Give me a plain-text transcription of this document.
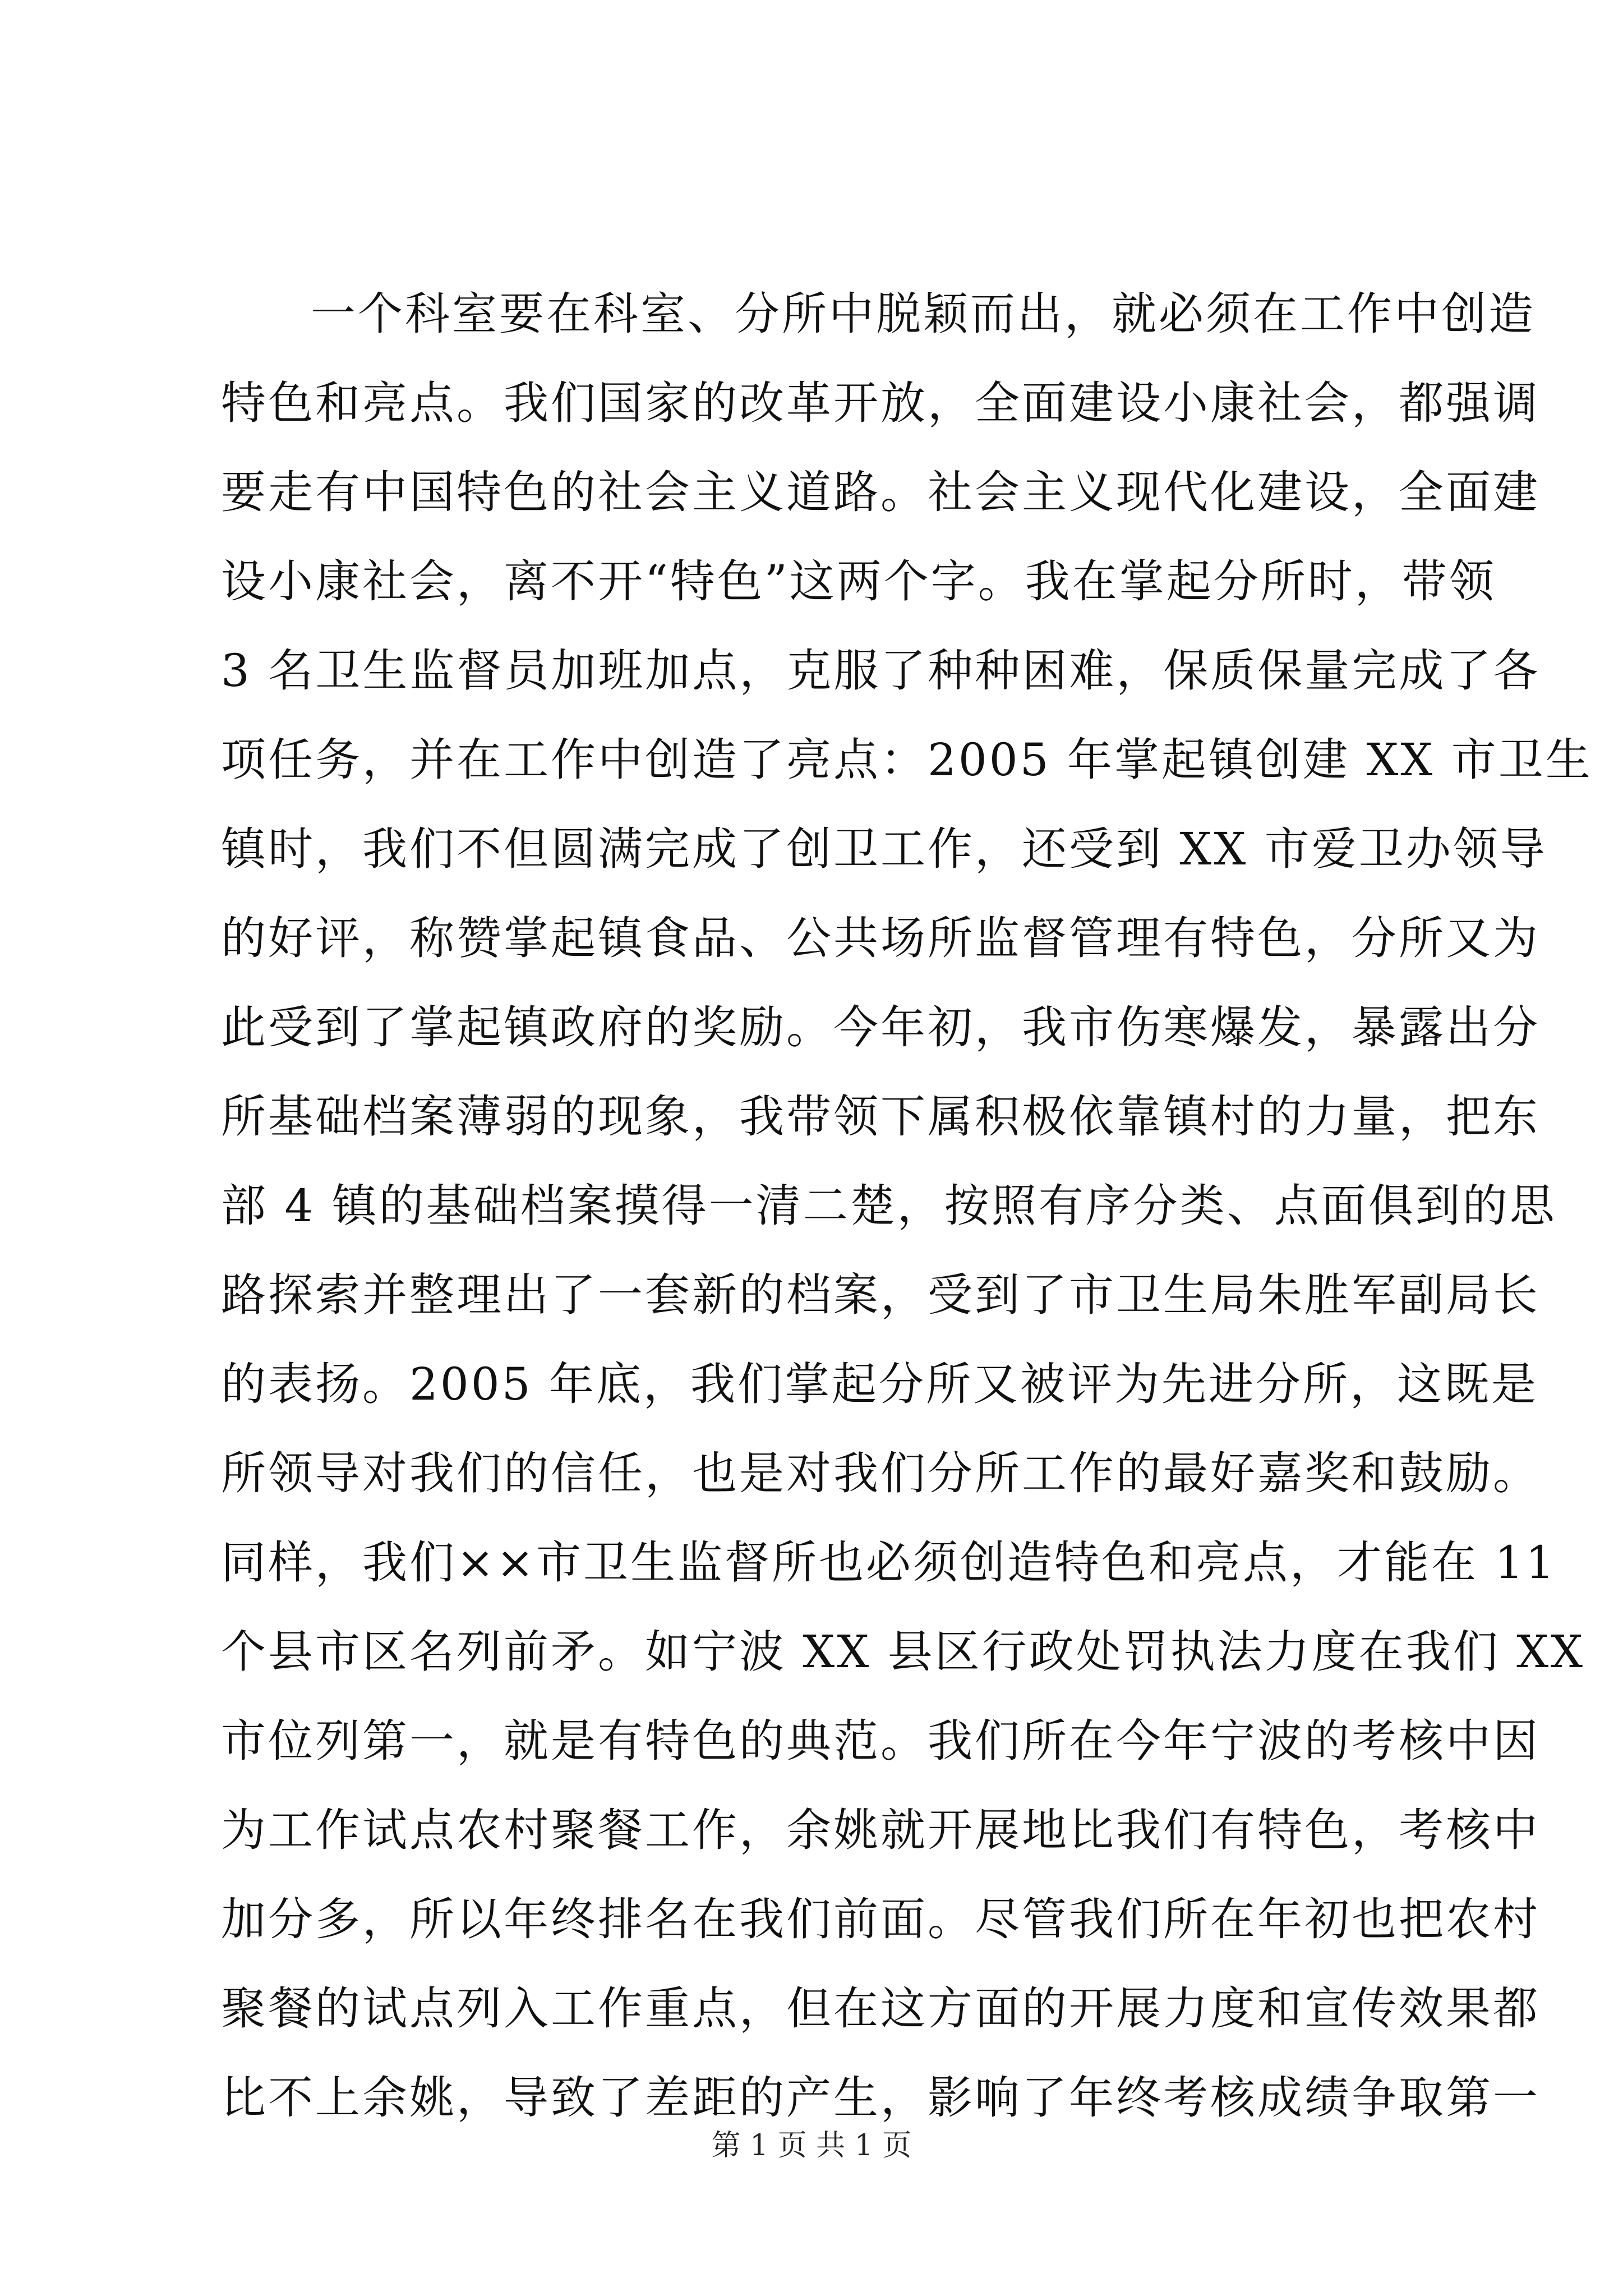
一个科室要在科室、分所中脱颖而出，就必须在工作中创造
特色和亮点。我们国家的改革开放，全面建设小康社会，都强调
要走有中国特色的社会主义道路。社会主义现代化建设，全面建
设小康社会，离不开“特色”这两个字。我在掌起分所时，带领
3 名卫生监督员加班加点，克服了种种困难，保质保量完成了各
项任务，并在工作中创造了亮点：2005 年掌起镇创建 XX 市卫生
镇时，我们不但圆满完成了创卫工作，还受到 XX 市爱卫办领导
的好评，称赞掌起镇食品、公共场所监督管理有特色，分所又为
此受到了掌起镇政府的奖励。今年初，我市伤寒爆发，暴露出分
所基础档案薄弱的现象，我带领下属积极依靠镇村的力量，把东
部 4 镇的基础档案摸得一清二楚，按照有序分类、点面俱到的思
路探索并整理出了一套新的档案，受到了市卫生局朱胜军副局长
的表扬。2005 年底，我们掌起分所又被评为先进分所，这既是
所领导对我们的信任，也是对我们分所工作的最好嘉奖和鼓励。
同样，我们××市卫生监督所也必须创造特色和亮点，才能在 11
个县市区名列前矛。如宁波 XX 县区行政处罚执法力度在我们 XX
市位列第一，就是有特色的典范。我们所在今年宁波的考核中因
为工作试点农村聚餐工作，余姚就开展地比我们有特色，考核中
加分多，所以年终排名在我们前面。尽管我们所在年初也把农村
聚餐的试点列入工作重点，但在这方面的开展力度和宣传效果都
比不上余姚，导致了差距的产生，影响了年终考核成绩争取第一
第 1 页 共 1 页
